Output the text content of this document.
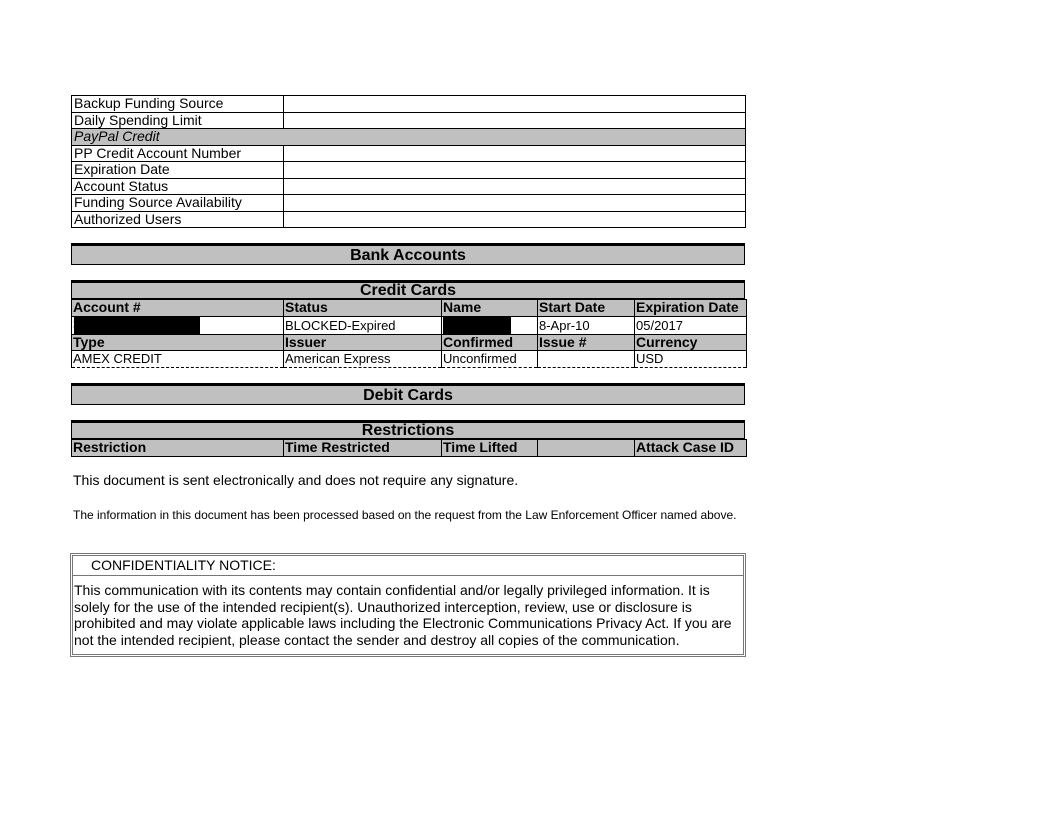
Backup Funding Source	
Daily Spending Limit	
PayPal Credit	
PP Credit Account Number	
Expiration Date	
Account Status	
Funding Source Availability	
Authorized Users	
Bank Accounts
Credit Cards
Account #	Status	Name	Start Date	Expiration Date
	BLOCKED-Expired		8-Apr-10	05/2017
Type	Issuer	Confirmed	Issue #	Currency
AMEX CREDIT	American Express	Unconfirmed		USD
Debit Cards
Restrictions
Restriction	Time Restricted	Time Lifted		Attack Case ID
This document is sent electronically and does not require any signature.
The information in this document has been processed based on the request from the Law Enforcement Officer named above.
CONFIDENTIALITY NOTICE:
This communication with its contents may contain confidential and/or legally privileged information. It is solely for the use of the intended recipient(s). Unauthorized interception, review, use or disclosure is prohibited and may violate applicable laws including the Electronic Communications Privacy Act. If you are not the intended recipient, please contact the sender and destroy all copies of the communication.
